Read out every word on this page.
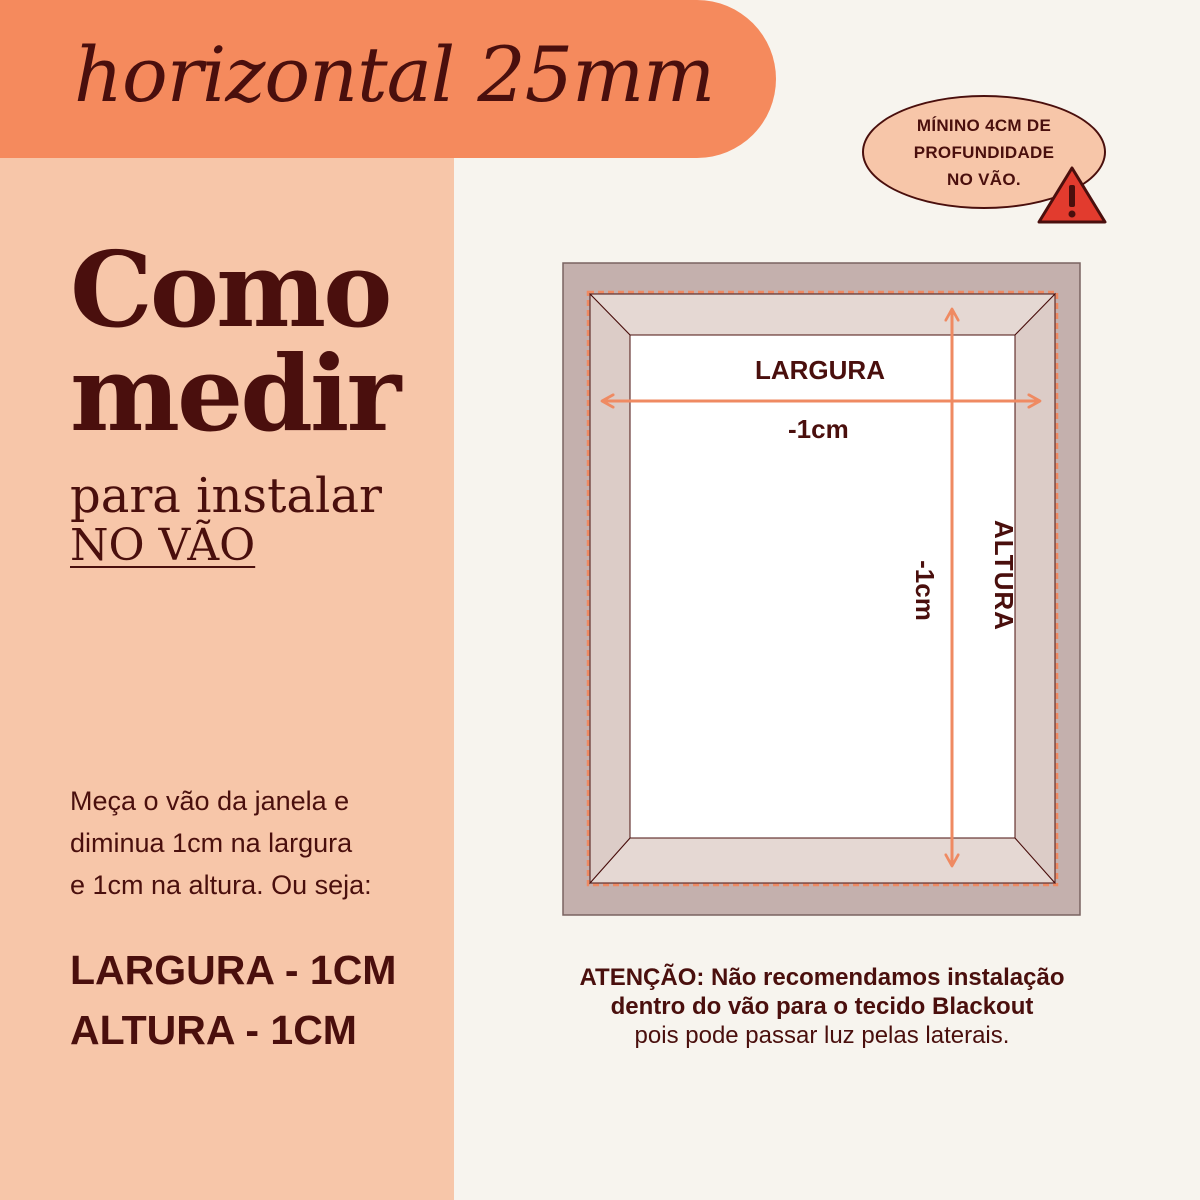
horizontal 25mm
Como
medir
para instalar
NO VÃO
Meça o vão da janela e
diminua 1cm na largura
e 1cm na altura. Ou seja:
LARGURA - 1CM
ALTURA - 1CM
MÍNINO 4CM DE
PROFUNDIDADE
NO VÃO.
LARGURA
-1cm
ALTURA
-1cm
ATENÇÃO: Não recomendamos instalação
dentro do vão para o tecido Blackout
pois pode passar luz pelas laterais.
